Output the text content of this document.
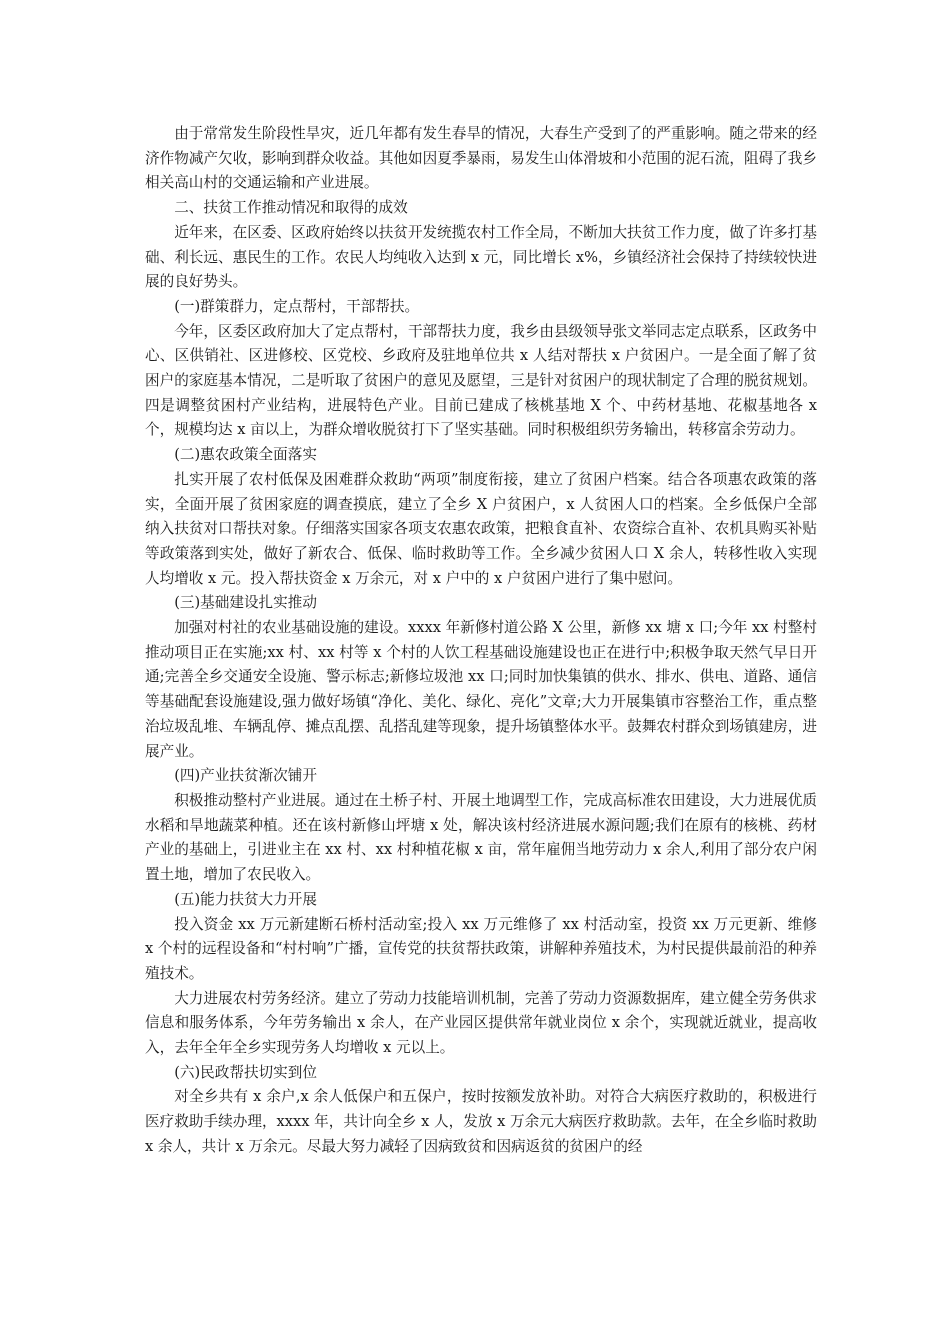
由于常常发生阶段性旱灾，近几年都有发生春旱的情况，大春生产受到了的严重影响。随之带来的经济作物减产欠收，影响到群众收益。其他如因夏季暴雨，易发生山体滑坡和小范围的泥石流，阻碍了我乡相关高山村的交通运输和产业进展。

二、扶贫工作推动情况和取得的成效

近年来，在区委、区政府始终以扶贫开发统揽农村工作全局，不断加大扶贫工作力度，做了许多打基础、利长远、惠民生的工作。农民人均纯收入达到 x 元，同比增长 x%，乡镇经济社会保持了持续较快进展的良好势头。

(一)群策群力，定点帮村，干部帮扶。

今年，区委区政府加大了定点帮村，干部帮扶力度，我乡由县级领导张文举同志定点联系，区政务中心、区供销社、区进修校、区党校、乡政府及驻地单位共 x 人结对帮扶 x 户贫困户。一是全面了解了贫困户的家庭基本情况，二是听取了贫困户的意见及愿望，三是针对贫困户的现状制定了合理的脱贫规划。四是调整贫困村产业结构，进展特色产业。目前已建成了核桃基地 X 个、中药材基地、花椒基地各 x 个，规模均达 x 亩以上，为群众增收脱贫打下了坚实基础。同时积极组织劳务输出，转移富余劳动力。

(二)惠农政策全面落实

扎实开展了农村低保及困难群众救助“两项”制度衔接，建立了贫困户档案。结合各项惠农政策的落实，全面开展了贫困家庭的调查摸底，建立了全乡 X 户贫困户，x 人贫困人口的档案。全乡低保户全部纳入扶贫对口帮扶对象。仔细落实国家各项支农惠农政策，把粮食直补、农资综合直补、农机具购买补贴等政策落到实处，做好了新农合、低保、临时救助等工作。全乡减少贫困人口 X 余人，转移性收入实现人均增收 x 元。投入帮扶资金 x 万余元，对 x 户中的 x 户贫困户进行了集中慰问。

(三)基础建设扎实推动

加强对村社的农业基础设施的建设。xxxx 年新修村道公路 X 公里，新修 xx 塘 x 口;今年 xx 村整村推动项目正在实施;xx 村、xx 村等 x 个村的人饮工程基础设施建设也正在进行中;积极争取天然气早日开通;完善全乡交通安全设施、警示标志;新修垃圾池 xx 口;同时加快集镇的供水、排水、供电、道路、通信等基础配套设施建设,强力做好场镇“净化、美化、绿化、亮化”文章;大力开展集镇市容整治工作，重点整治垃圾乱堆、车辆乱停、摊点乱摆、乱搭乱建等现象，提升场镇整体水平。鼓舞农村群众到场镇建房，进展产业。

(四)产业扶贫渐次铺开

积极推动整村产业进展。通过在土桥子村、开展土地调型工作，完成高标准农田建设，大力进展优质水稻和旱地蔬菜种植。还在该村新修山坪塘 x 处，解决该村经济进展水源问题;我们在原有的核桃、药材产业的基础上，引进业主在 xx 村、xx 村种植花椒 x 亩，常年雇佣当地劳动力 x 余人,利用了部分农户闲置土地，增加了农民收入。

(五)能力扶贫大力开展

投入资金 xx 万元新建断石桥村活动室;投入 xx 万元维修了 xx 村活动室，投资 xx 万元更新、维修 x 个村的远程设备和“村村响”广播，宣传党的扶贫帮扶政策，讲解种养殖技术，为村民提供最前沿的种养殖技术。

大力进展农村劳务经济。建立了劳动力技能培训机制，完善了劳动力资源数据库，建立健全劳务供求信息和服务体系，今年劳务输出 x 余人，在产业园区提供常年就业岗位 x 余个，实现就近就业，提高收入，去年全年全乡实现劳务人均增收 x 元以上。

(六)民政帮扶切实到位

对全乡共有 x 余户,x 余人低保户和五保户，按时按额发放补助。对符合大病医疗救助的，积极进行医疗救助手续办理，xxxx 年，共计向全乡 x 人，发放 x 万余元大病医疗救助款。去年，在全乡临时救助 x 余人，共计 x 万余元。尽最大努力减轻了因病致贫和因病返贫的贫困户的经
